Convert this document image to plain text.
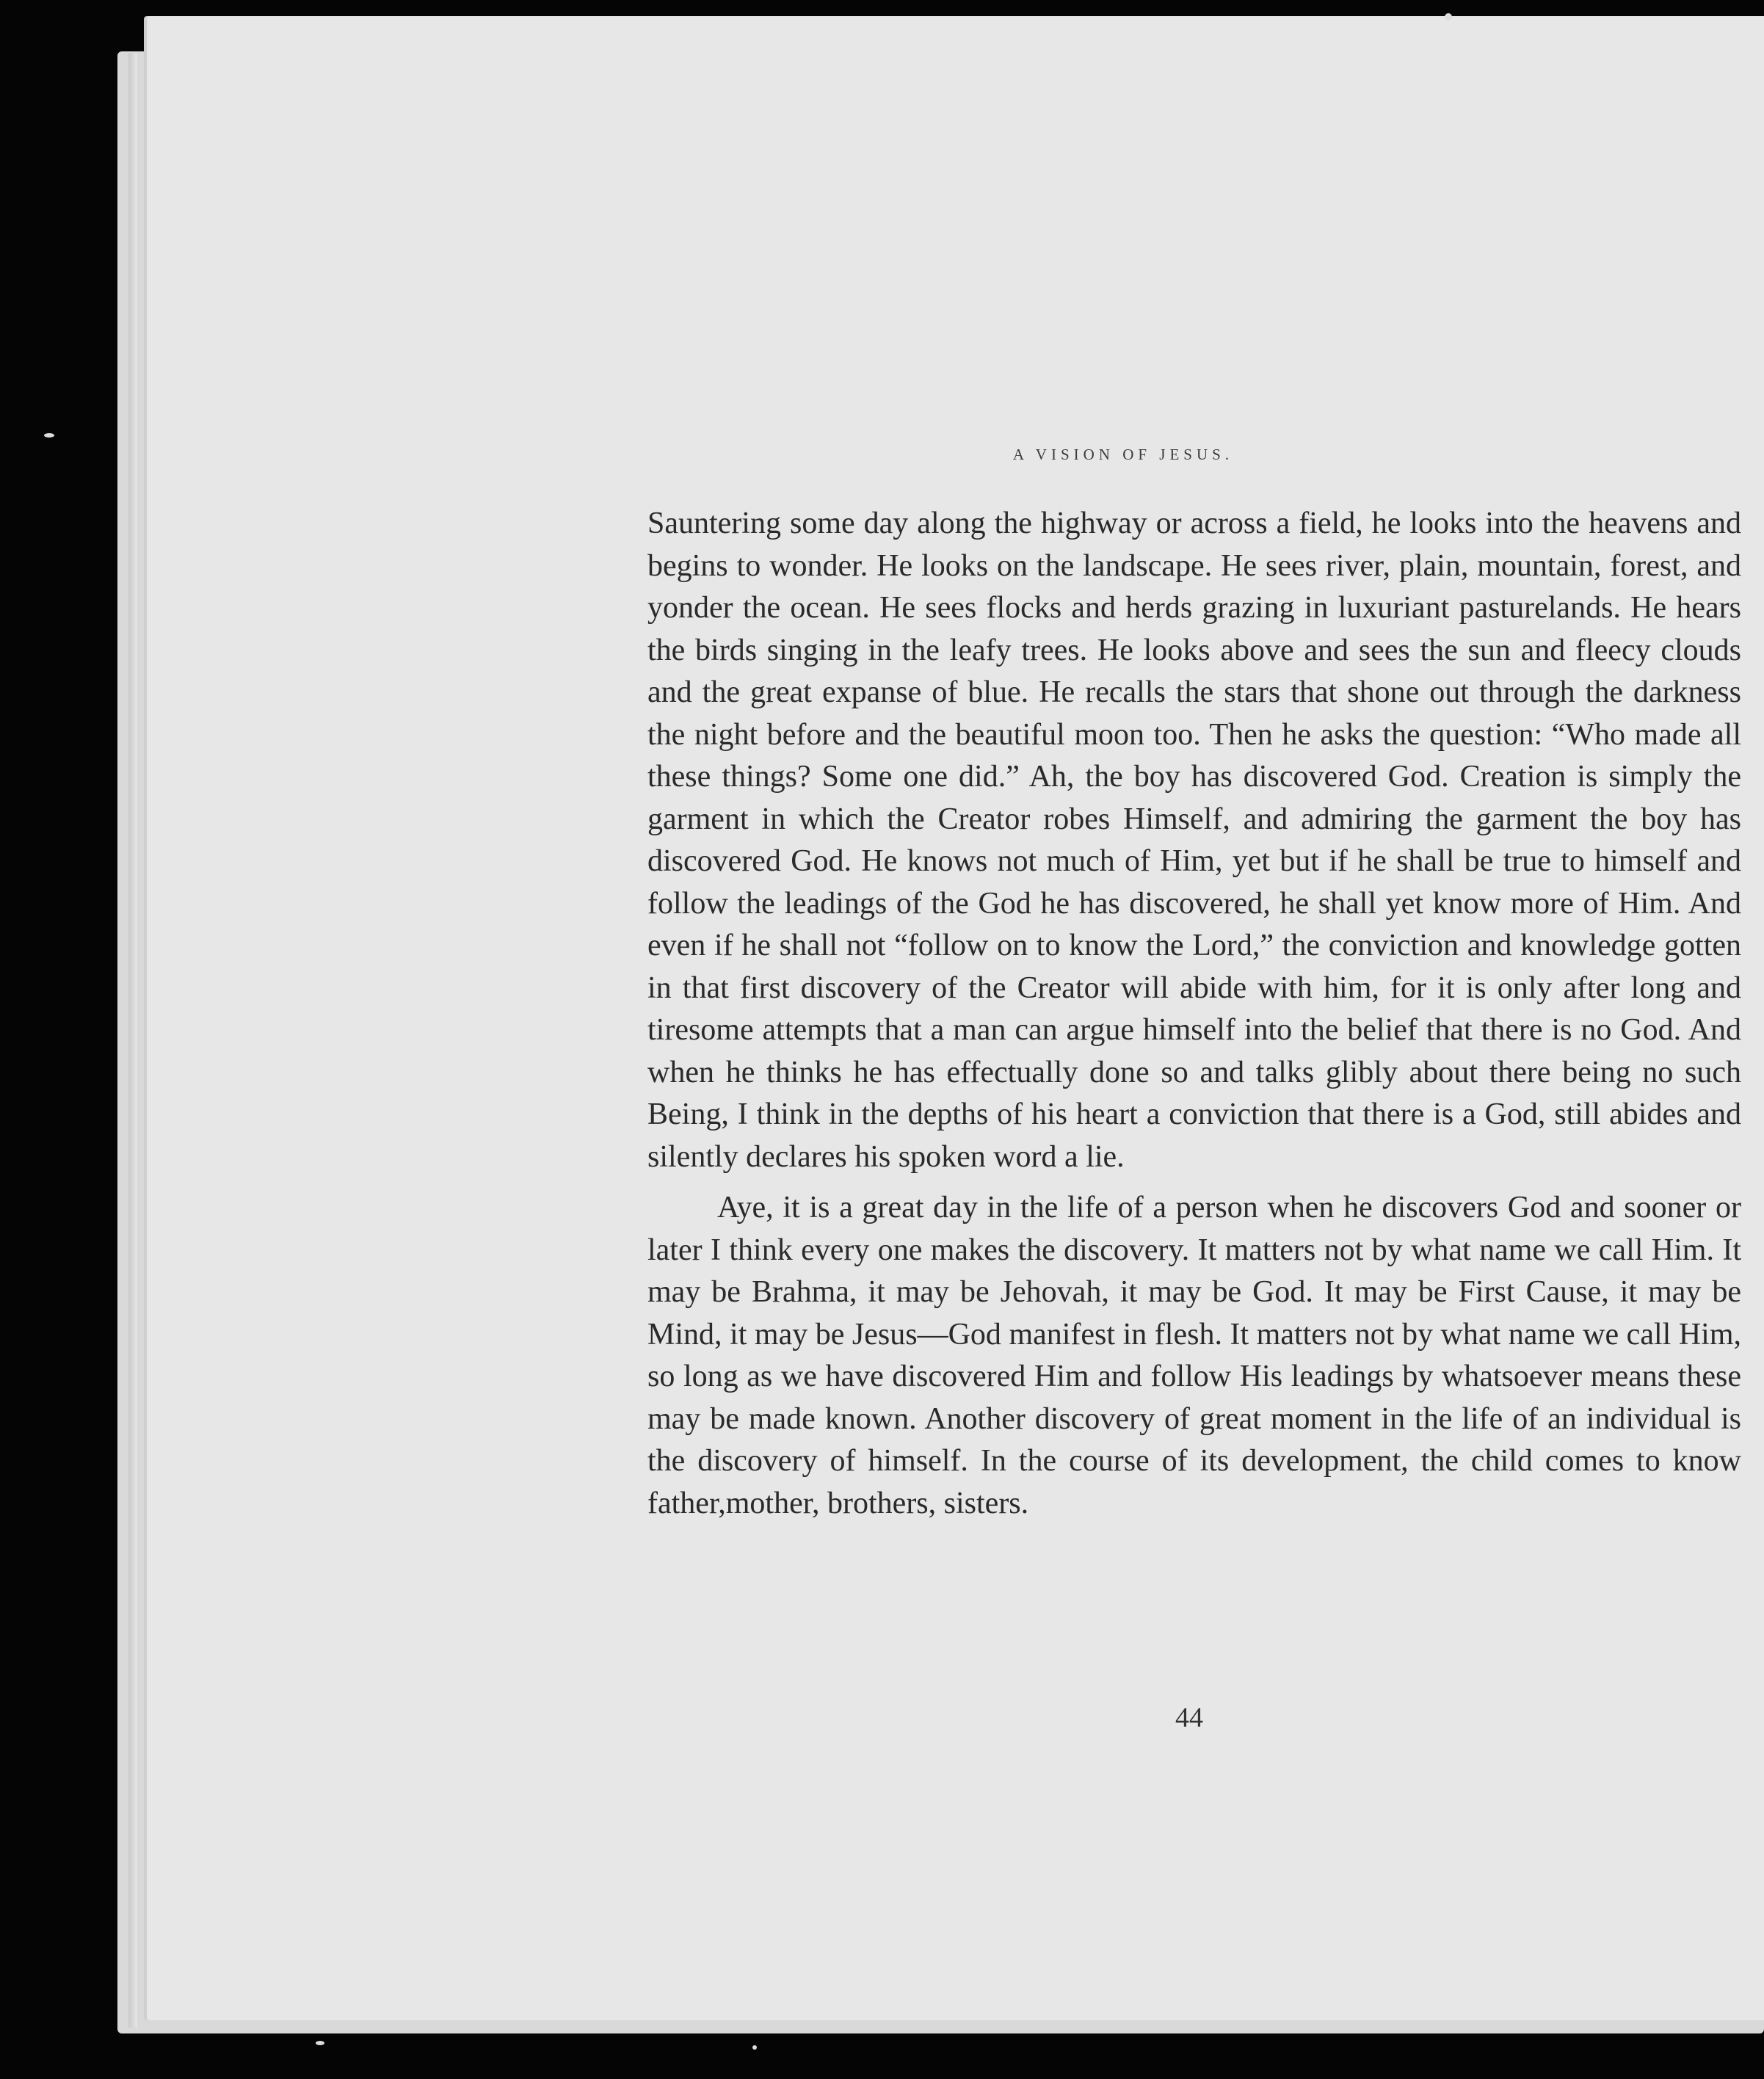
A VISION OF JESUS.

Sauntering some day along the highway or across a field, he looks into the heavens and begins to wonder. He looks on the landscape. He sees river, plain, mountain, forest, and yonder the ocean. He sees flocks and herds grazing in luxuriant pasturelands. He hears the birds singing in the leafy trees. He looks above and sees the sun and fleecy clouds and the great expanse of blue. He recalls the stars that shone out through the darkness the night before and the beautiful moon too. Then he asks the question: “Who made all these things? Some one did.” Ah, the boy has discovered God. Creation is simply the garment in which the Creator robes Himself, and admiring the garment the boy has discovered God. He knows not much of Him, yet but if he shall be true to himself and follow the leadings of the God he has discovered, he shall yet know more of Him. And even if he shall not “follow on to know the Lord,” the conviction and knowledge gotten in that first discovery of the Creator will abide with him, for it is only after long and tiresome attempts that a man can argue himself into the belief that there is no God. And when he thinks he has effectually done so and talks glibly about there being no such Being, I think in the depths of his heart a conviction that there is a God, still abides and silently declares his spoken word a lie.

Aye, it is a great day in the life of a person when he discovers God and sooner or later I think every one makes the discovery. It matters not by what name we call Him. It may be Brahma, it may be Jehovah, it may be God. It may be First Cause, it may be Mind, it may be Jesus—God manifest in flesh. It matters not by what name we call Him, so long as we have discovered Him and follow His leadings by whatsoever means these may be made known. Another discovery of great moment in the life of an individual is the discovery of himself. In the course of its development, the child comes to know father,mother, brothers, sisters.

44
